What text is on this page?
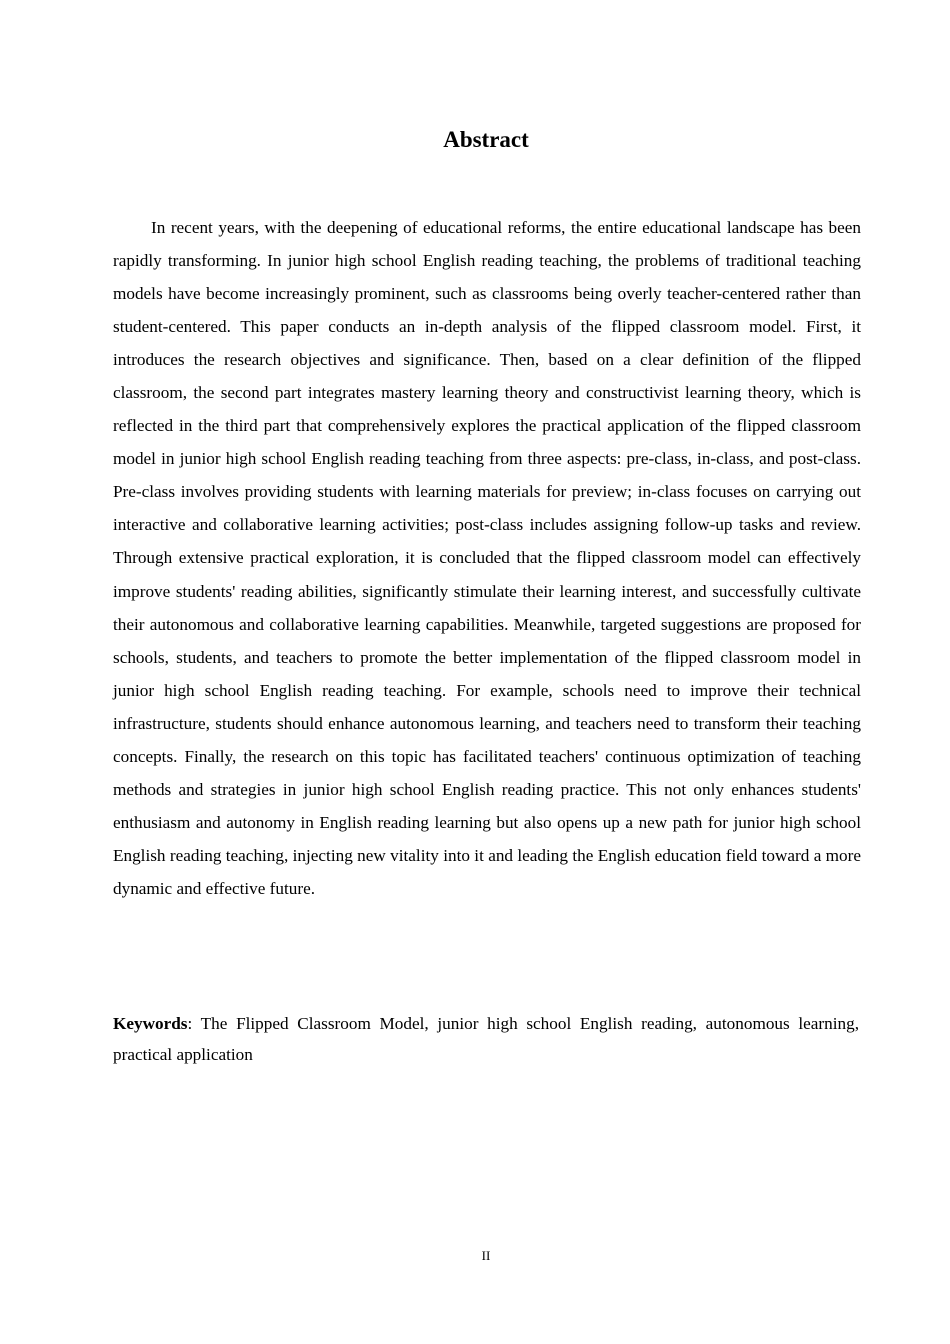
Abstract

In recent years, with the deepening of educational reforms, the entire educational landscape has been rapidly transforming. In junior high school English reading teaching, the problems of traditional teaching models have become increasingly prominent, such as classrooms being overly teacher-centered rather than student-centered. This paper conducts an in-depth analysis of the flipped classroom model. First, it introduces the research objectives and significance. Then, based on a clear definition of the flipped classroom, the second part integrates mastery learning theory and constructivist learning theory, which is reflected in the third part that comprehensively explores the practical application of the flipped classroom model in junior high school English reading teaching from three aspects: pre-class, in-class, and post-class. Pre-class involves providing students with learning materials for preview; in-class focuses on carrying out interactive and collaborative learning activities; post-class includes assigning follow-up tasks and review. Through extensive practical exploration, it is concluded that the flipped classroom model can effectively improve students' reading abilities, significantly stimulate their learning interest, and successfully cultivate their autonomous and collaborative learning capabilities. Meanwhile, targeted suggestions are proposed for schools, students, and teachers to promote the better implementation of the flipped classroom model in junior high school English reading teaching. For example, schools need to improve their technical infrastructure, students should enhance autonomous learning, and teachers need to transform their teaching concepts. Finally, the research on this topic has facilitated teachers' continuous optimization of teaching methods and strategies in junior high school English reading practice. This not only enhances students' enthusiasm and autonomy in English reading learning but also opens up a new path for junior high school English reading teaching, injecting new vitality into it and leading the English education field toward a more dynamic and effective future.

Keywords: The Flipped Classroom Model, junior high school English reading, autonomous learning, practical application

II
